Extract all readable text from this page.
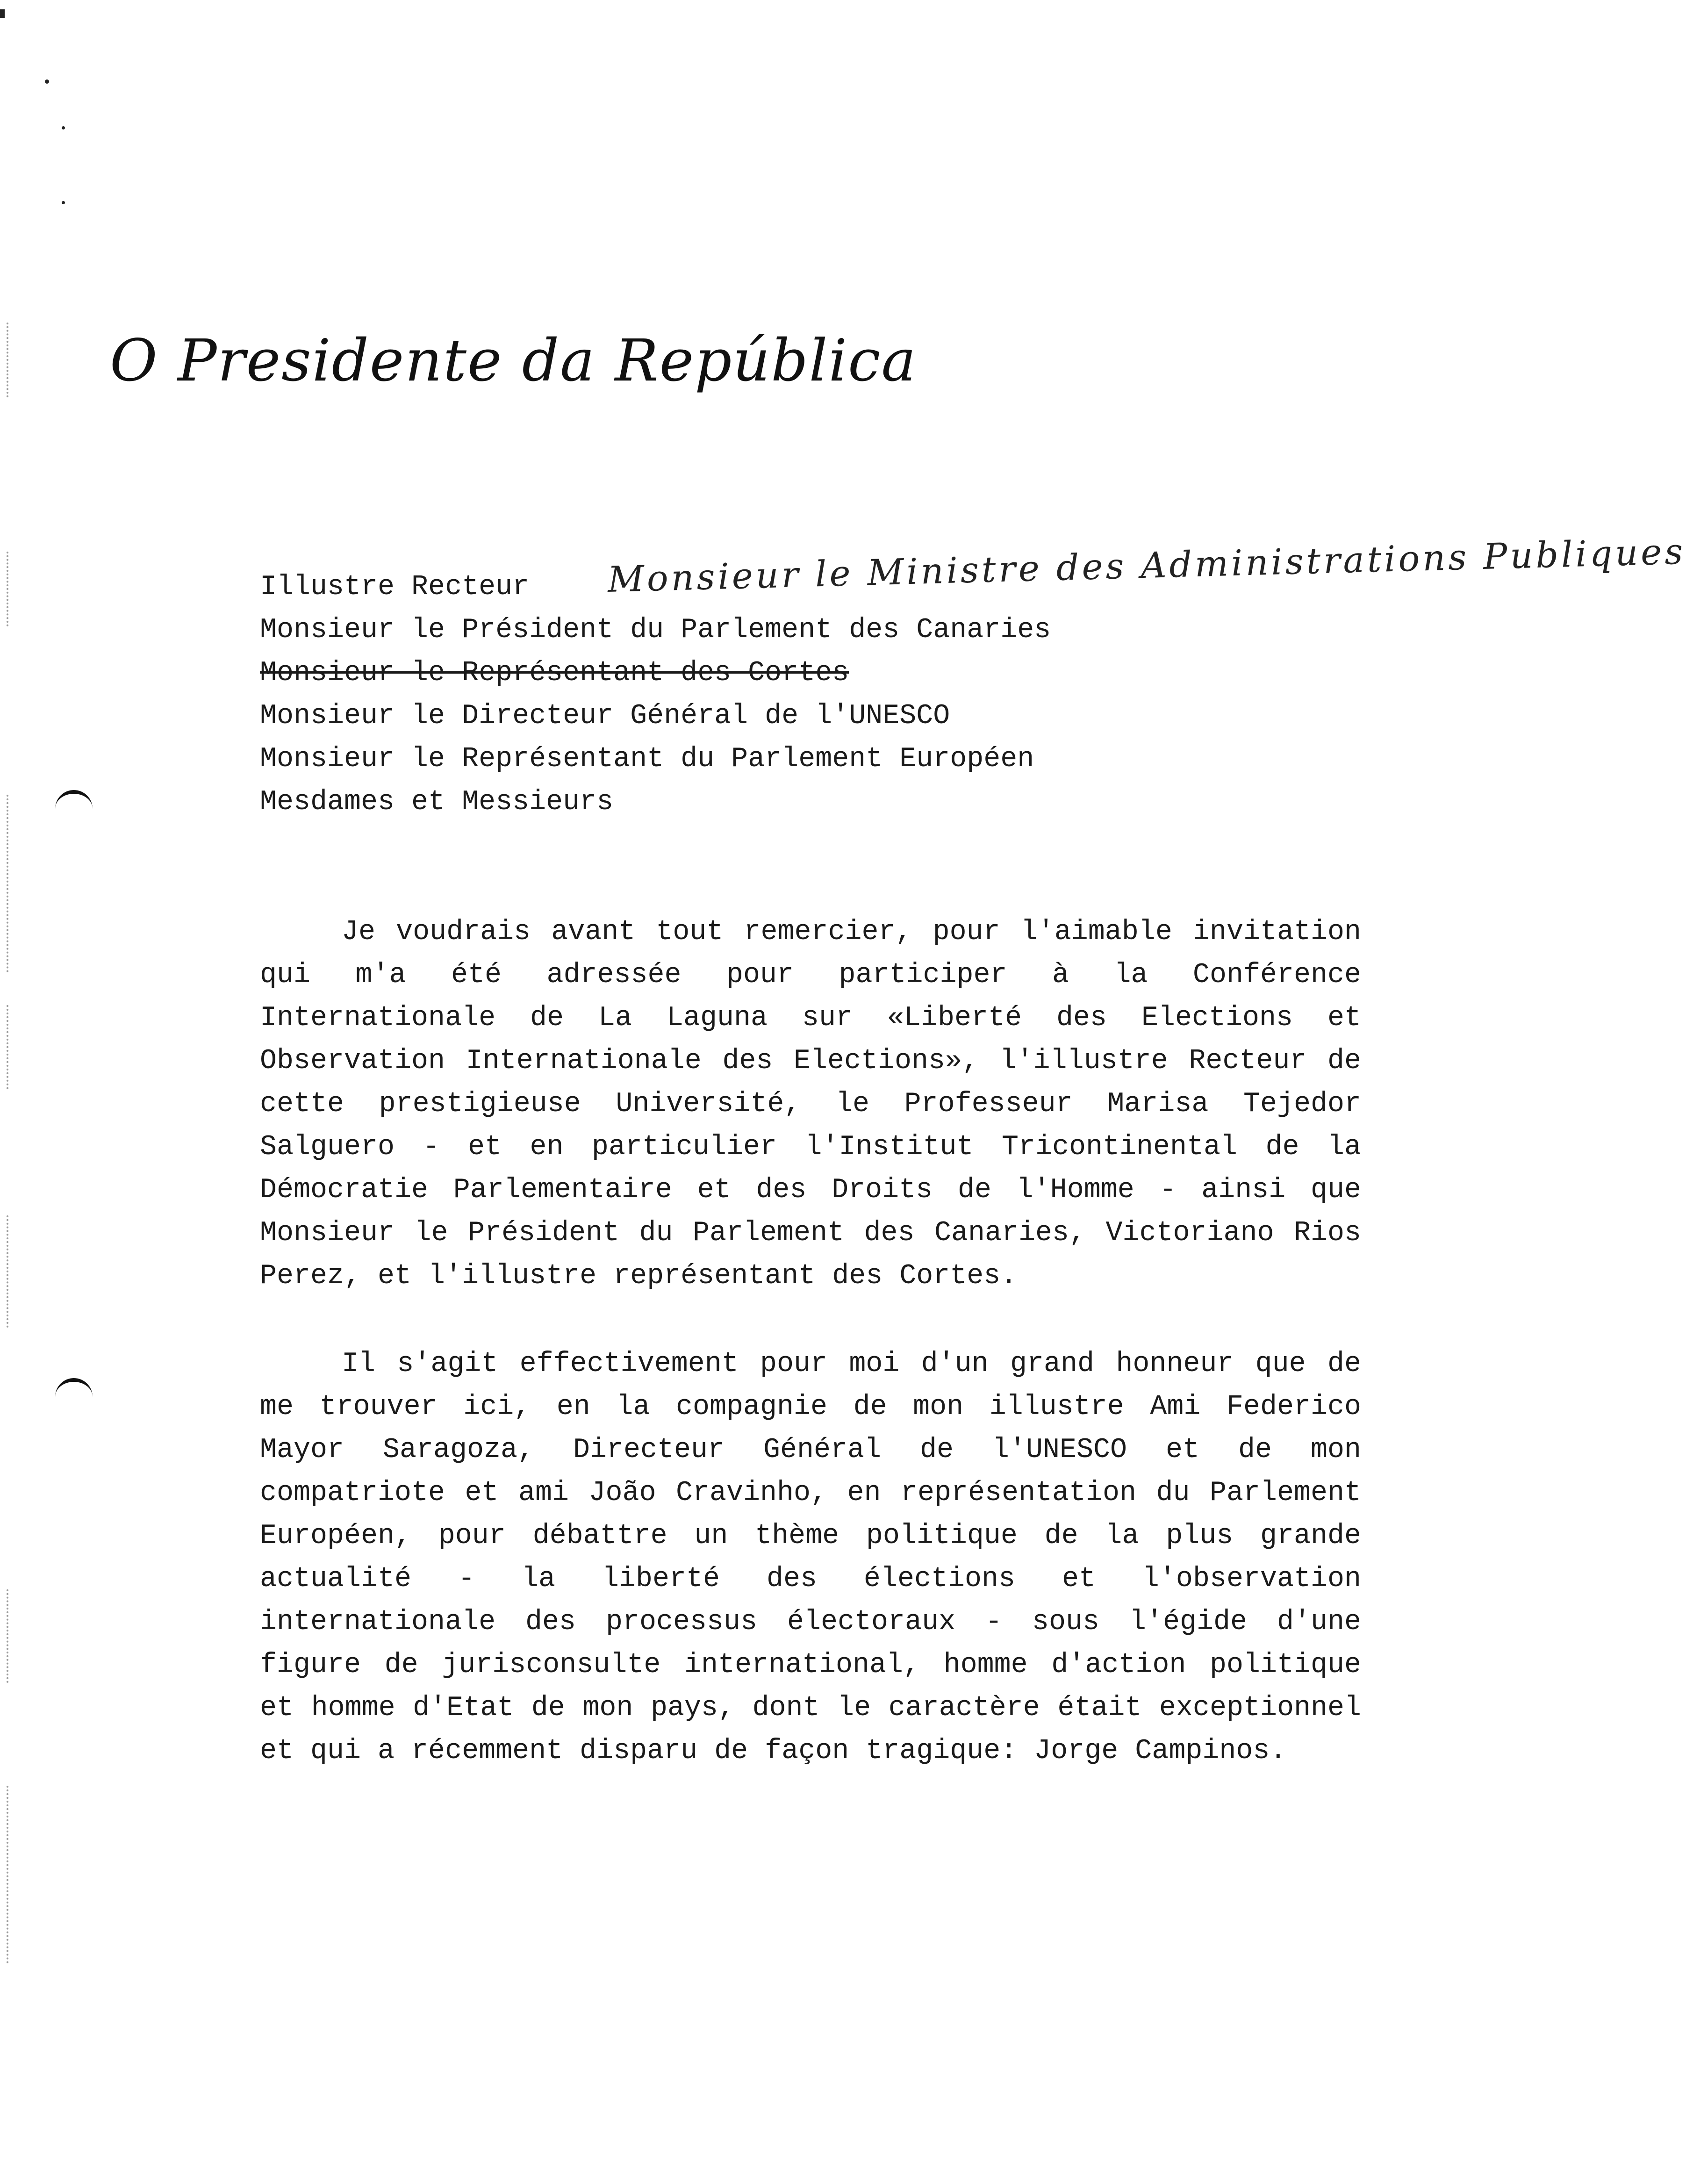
O Presidente da República
Monsieur le Ministre des Administrations Publiques
Illustre Recteur
Monsieur le Président du Parlement des Canaries
Monsieur le Représentant des Cortes
Monsieur le Directeur Général de l'UNESCO
Monsieur le Représentant du Parlement Européen
Mesdames et Messieurs
Je voudrais avant tout remercier, pour l'aimable invitation qui m'a été adressée pour participer à la Conférence Internationale de La Laguna sur «Liberté des Elections et Observation Internationale des Elections», l'illustre Recteur de cette prestigieuse Université, le Professeur Marisa Tejedor Salguero - et en particulier l'Institut Tricontinental de la Démocratie Parlementaire et des Droits de l'Homme - ainsi que Monsieur le Président du Parlement des Canaries, Victoriano Rios Perez, et l'illustre représentant des Cortes.
Il s'agit effectivement pour moi d'un grand honneur que de me trouver ici, en la compagnie de mon illustre Ami Federico Mayor Saragoza, Directeur Général de l'UNESCO et de mon compatriote et ami João Cravinho, en représentation du Parlement Européen, pour débattre un thème politique de la plus grande actualité - la liberté des élections et l'observation internationale des processus électoraux - sous l'égide d'une figure de jurisconsulte international, homme d'action politique et homme d'Etat de mon pays, dont le caractère était exceptionnel et qui a récemment disparu de façon tragique: Jorge Campinos.
